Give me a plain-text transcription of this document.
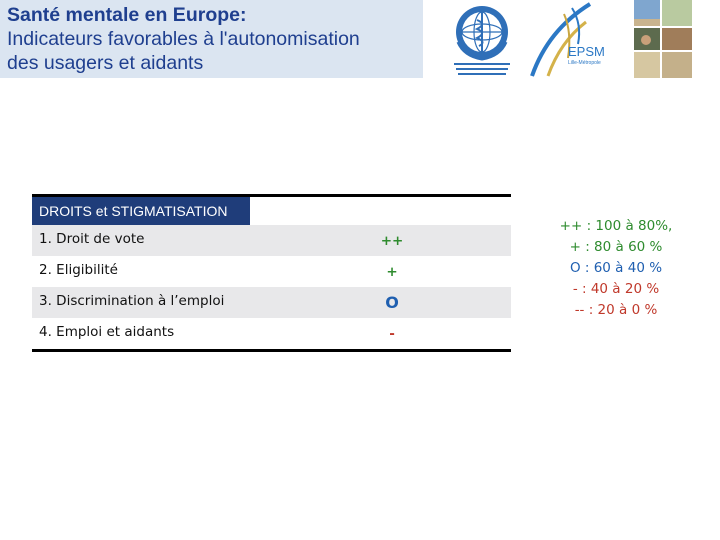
Santé mentale en Europe:
Indicateurs favorables à l'autonomisation
des usagers et aidants
EPSM
Lille-Métropole
DROITS et STIGMATISATION
1. Droit de vote	++
2. Eligibilité	+
3. Discrimination à l’emploi	O
4. Emploi et aidants	-
++ : 100 à 80%,
+ : 80 à 60 %
O : 60 à 40 %
- : 40 à 20 %
-- : 20 à 0 %
